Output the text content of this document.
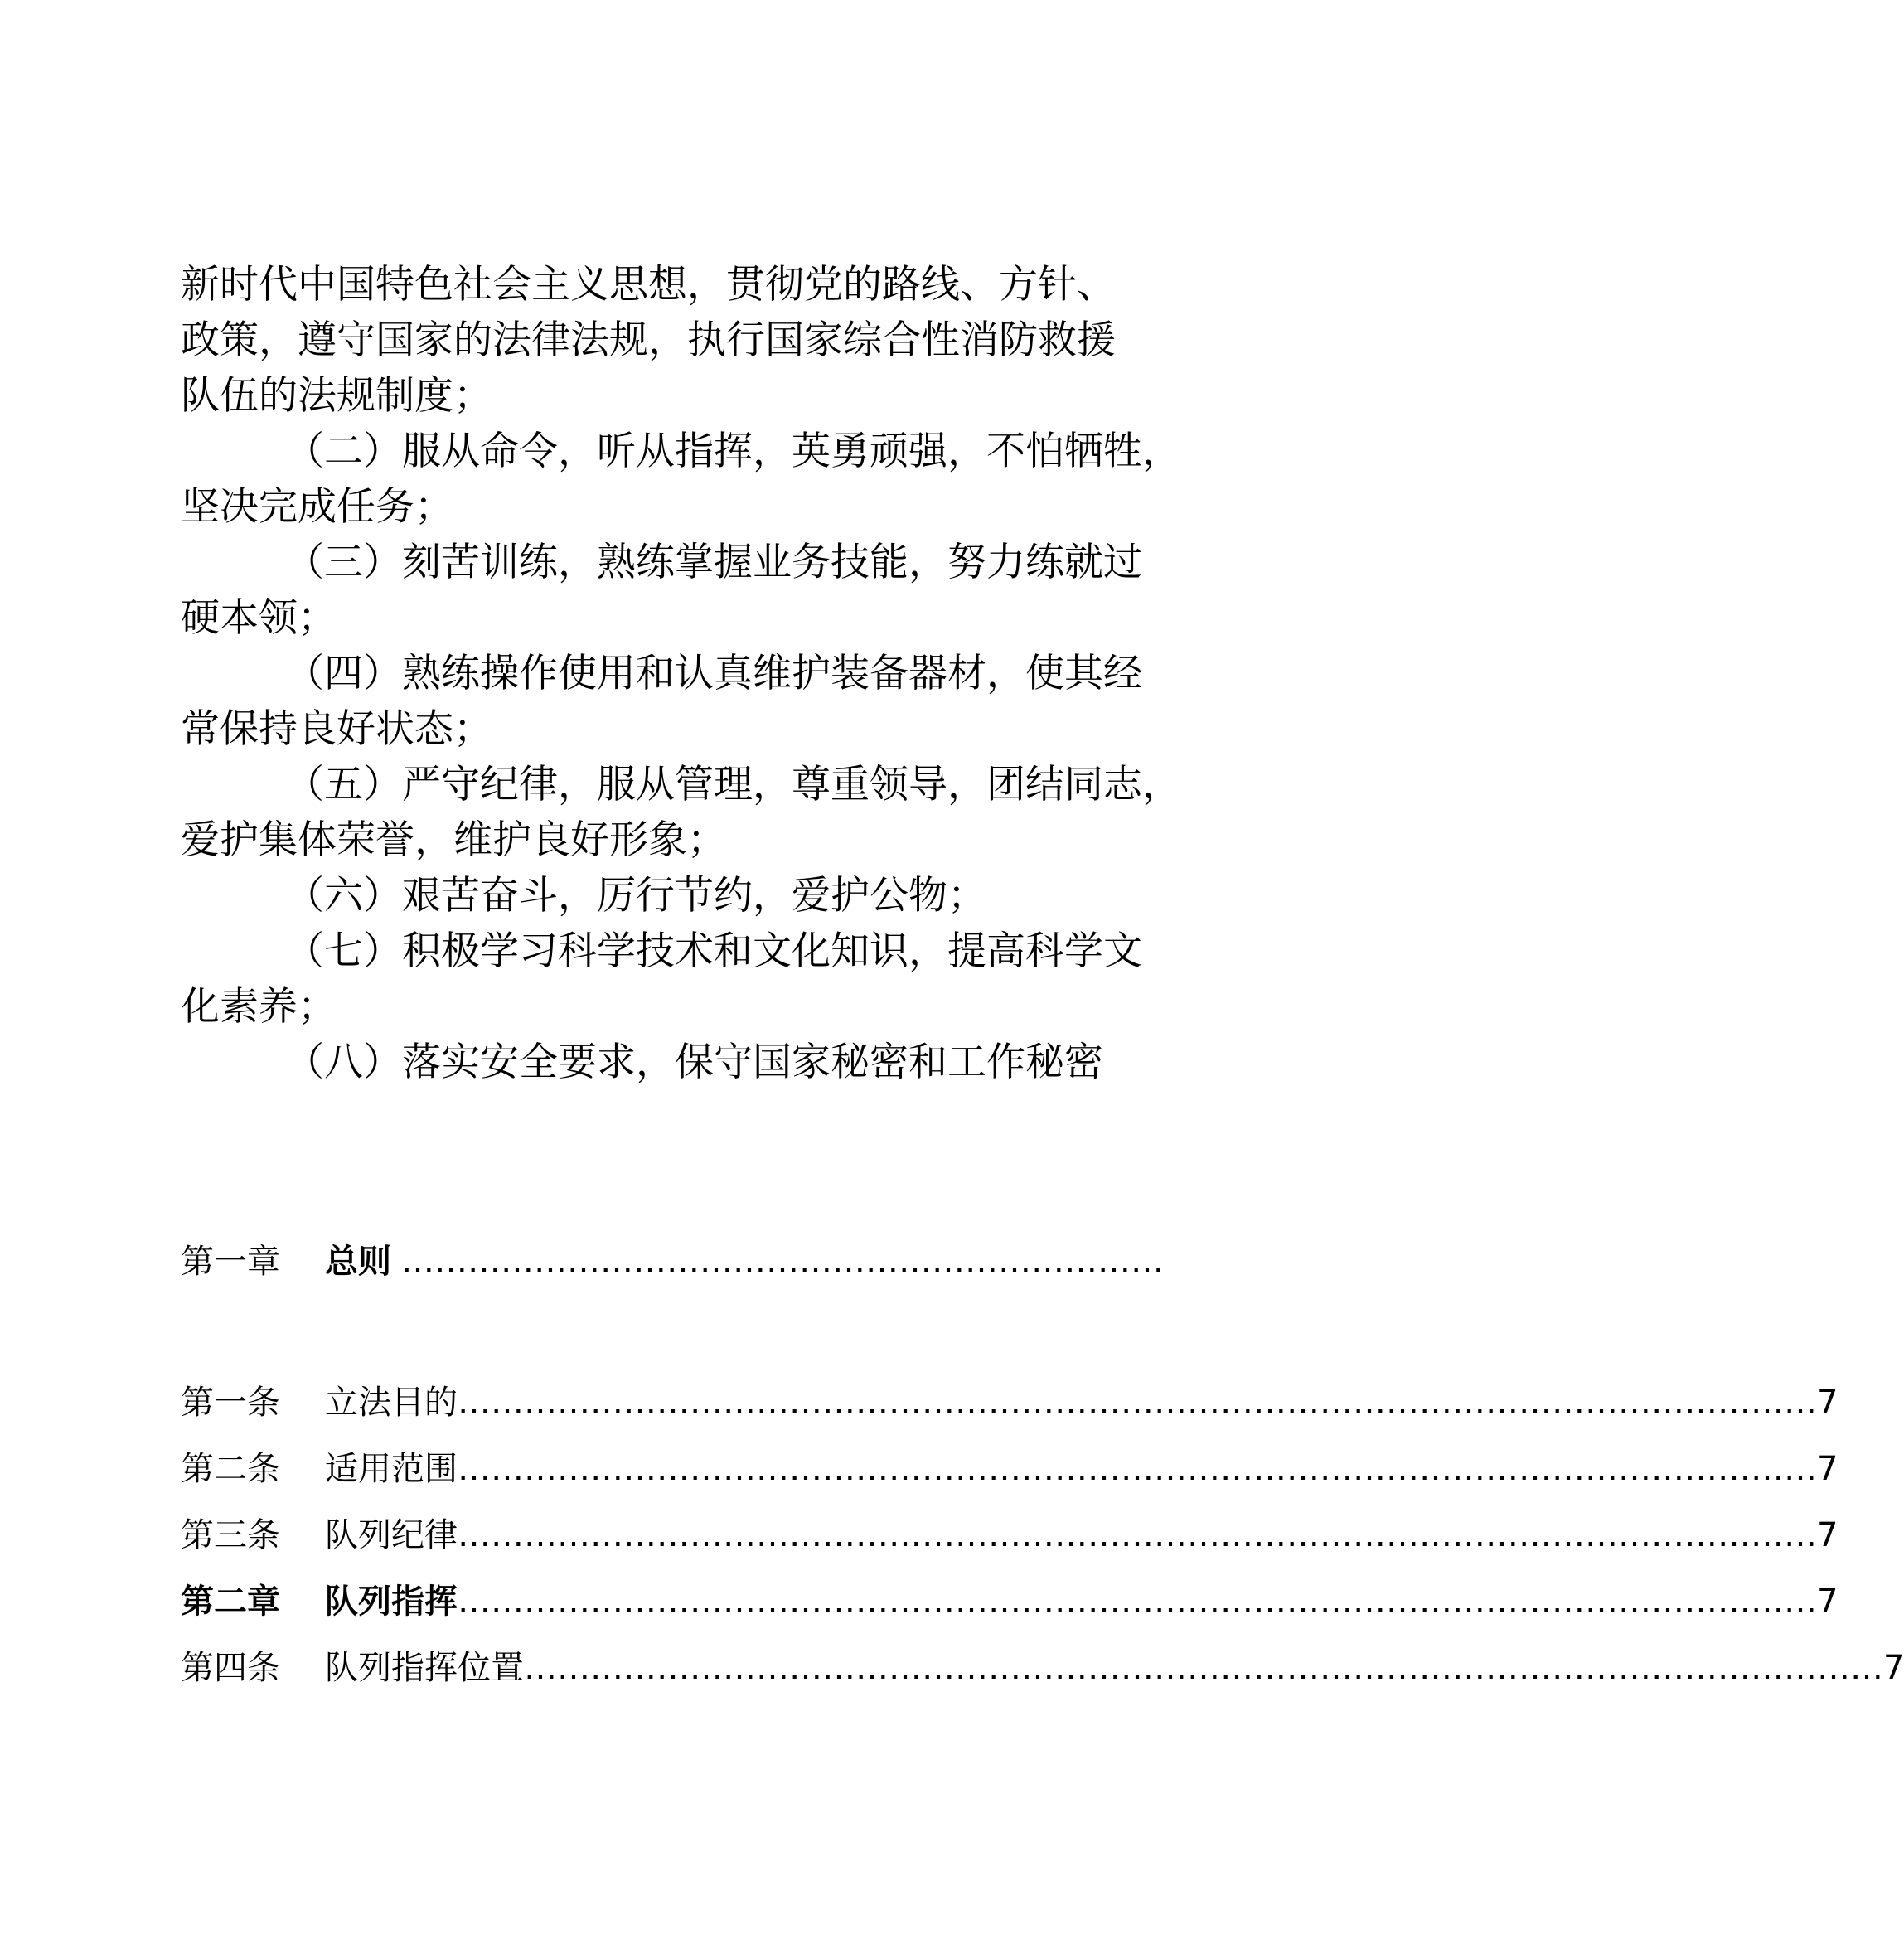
新时代中国特色社会主义思想，贯彻党的路线、方针、
政策，遵守国家的法律法规，执行国家综合性消防救援
队伍的法规制度；
（二）服从命令，听从指挥，英勇顽强，不怕牺牲，
坚决完成任务；
（三）刻苦训练，熟练掌握业务技能，努力练就过
硬本领；
（四）熟练操作使用和认真维护装备器材，使其经
常保持良好状态；
（五）严守纪律，服从管理，尊重领导，团结同志，
爱护集体荣誉，维护良好形象；
（六）艰苦奋斗，厉行节约，爱护公物；
（七）积极学习科学技术和文化知识，提高科学文
化素养；
（八）落实安全要求，保守国家秘密和工作秘密
第一章	总则 ……………………………………………………………
第一条	立法目的 ……………………………………………………………………………………………………………	7
第二条	适用范围 ……………………………………………………………………………………………………………	7
第三条	队列纪律 ……………………………………………………………………………………………………………	7
第二章	队列指挥 ……………………………………………………………………………………………………………	7
第四条	队列指挥位置 ……………………………………………………………………………………………………………	7
